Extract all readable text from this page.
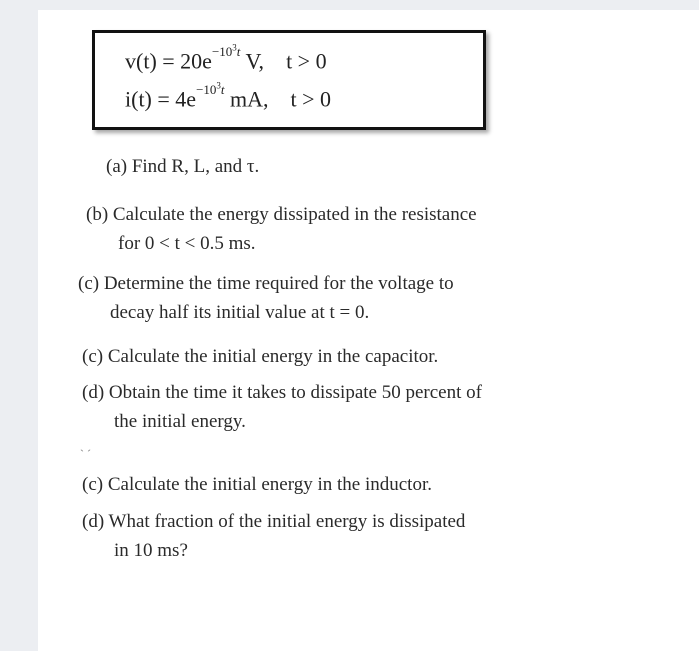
$v(t) = 20e^{-10^3t}$ V, t > 0
$i(t) = 4e^{-10^3t}$ mA, t > 0
(a) Find R, L, and τ.
(b) Calculate the energy dissipated in the resistance
for 0 < t < 0.5 ms.
(c) Determine the time required for the voltage to
decay half its initial value at t = 0.
(c) Calculate the initial energy in the capacitor.
(d) Obtain the time it takes to dissipate 50 percent of
the initial energy.
ˋ ˊ
(c) Calculate the initial energy in the inductor.
(d) What fraction of the initial energy is dissipated
in 10 ms?
